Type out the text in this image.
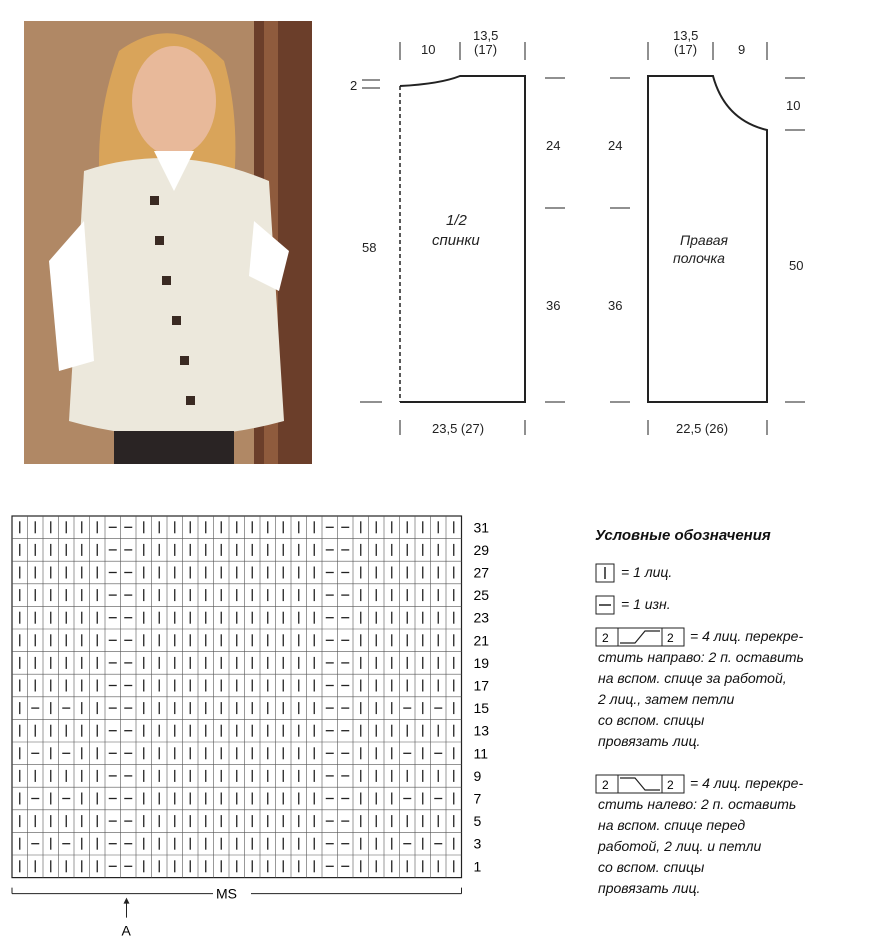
10
13,5
(17)
2
58
24
36
23,5 (27)
1/2
спинки
13,5
(17)	9
10
24
36
50
22,5 (26)
Правая
полочка
31
29
27
25
23
21
19
17
15
13
11
9
7
5
3
1
MS
A
Условные обозначения
= 1 лиц.
= 1 изн.
2	2 = 4 лиц. перекре-
стить направо: 2 п. оставить
на вспом. спице за работой,
2 лиц., затем петли
со вспом. спицы
провязать лиц.
2	2 = 4 лиц. перекре-
стить налево: 2 п. оставить
на вспом. спице перед
работой, 2 лиц. и петли
со вспом. спицы
провязать лиц.
